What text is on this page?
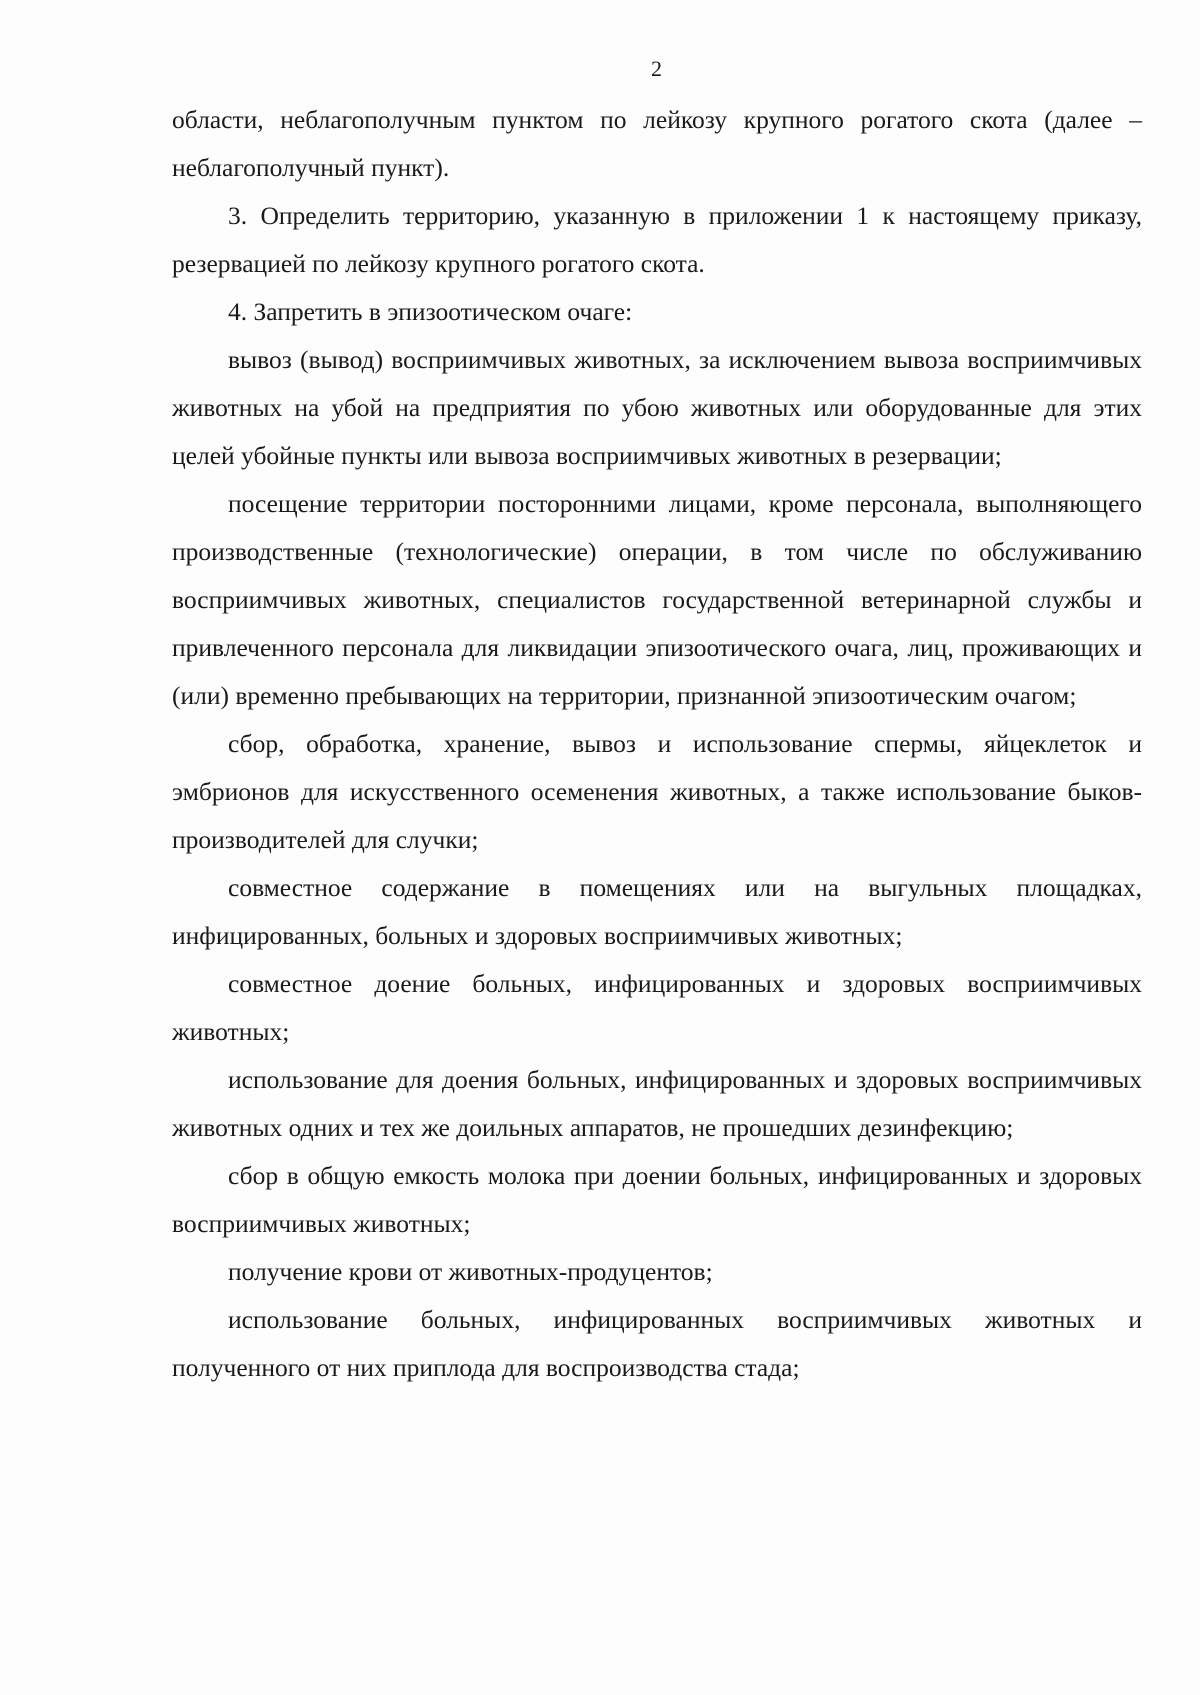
2

области, неблагополучным пунктом по лейкозу крупного рогатого скота (далее – неблагополучный пункт).

3. Определить территорию, указанную в приложении 1 к настоящему приказу, резервацией по лейкозу крупного рогатого скота.

4. Запретить в эпизоотическом очаге:

вывоз (вывод) восприимчивых животных, за исключением вывоза восприимчивых животных на убой на предприятия по убою животных или оборудованные для этих целей убойные пункты или вывоза восприимчивых животных в резервации;

посещение территории посторонними лицами, кроме персонала, выполняющего производственные (технологические) операции, в том числе по обслуживанию восприимчивых животных, специалистов государственной ветеринарной службы и привлеченного персонала для ликвидации эпизоотического очага, лиц, проживающих и (или) временно пребывающих на территории, признанной эпизоотическим очагом;

сбор, обработка, хранение, вывоз и использование спермы, яйцеклеток и эмбрионов для искусственного осеменения животных, а также использование быков-производителей для случки;

совместное содержание в помещениях или на выгульных площадках, инфицированных, больных и здоровых восприимчивых животных;

совместное доение больных, инфицированных и здоровых восприимчивых животных;

использование для доения больных, инфицированных и здоровых восприимчивых животных одних и тех же доильных аппаратов, не прошедших дезинфекцию;

сбор в общую емкость молока при доении больных, инфицированных и здоровых восприимчивых животных;

получение крови от животных-продуцентов;

использование больных, инфицированных восприимчивых животных и полученного от них приплода для воспроизводства стада;
